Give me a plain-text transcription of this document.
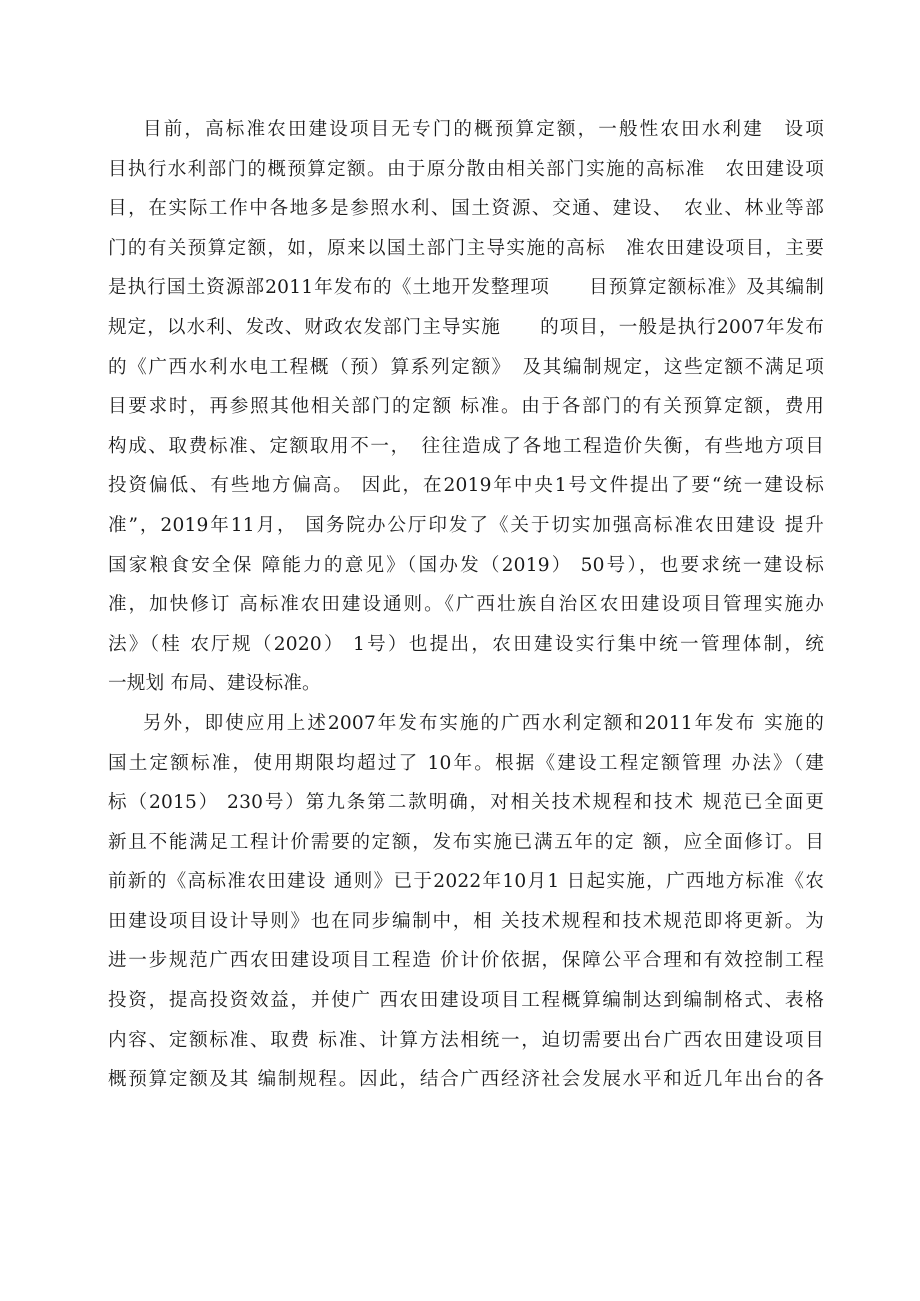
目前，高标准农田建设项目无专门的概预算定额，一般性农田水利建　设项
目执行水利部门的概预算定额。由于原分散由相关部门实施的高标准　农田建设项
目，在实际工作中各地多是参照水利、国土资源、交通、建设、　农业、林业等部
门的有关预算定额，如，原来以国土部门主导实施的高标　准农田建设项目，主要
是执行国土资源部2011年发布的《土地开发整理项　　目预算定额标准》及其编制
规定，以水利、发改、财政农发部门主导实施　　的项目，一般是执行2007年发布
的《广西水利水电工程概（预）算系列定额》　及其编制规定，这些定额不满足项
目要求时，再参照其他相关部门的定额 标准。由于各部门的有关预算定额，费用
构成、取费标准、定额取用不一，　往往造成了各地工程造价失衡，有些地方项目
投资偏低、有些地方偏高。 因此，在2019年中央1号文件提出了要“统一建设标
准”，2019年11月， 国务院办公厅印发了《关于切实加强高标准农田建设 提升
国家粮食安全保 障能力的意见》（国办发（2019） 50号），也要求统一建设标
准，加快修订 高标准农田建设通则。《广西壮族自治区农田建设项目管理实施办
法》（桂 农厅规（2020） 1号）也提出，农田建设实行集中统一管理体制，统
一规划 布局、建设标准。
另外，即使应用上述2007年发布实施的广西水利定额和2011年发布 实施的
国土定额标准，使用期限均超过了 10年。根据《建设工程定额管理 办法》（建
标（2015） 230号）第九条第二款明确，对相关技术规程和技术 规范已全面更
新且不能满足工程计价需要的定额，发布实施已满五年的定 额，应全面修订。目
前新的《高标准农田建设 通则》已于2022年10月1 日起实施，广西地方标准《农
田建设项目设计导则》也在同步编制中，相 关技术规程和技术规范即将更新。为
进一步规范广西农田建设项目工程造 价计价依据，保障公平合理和有效控制工程
投资，提高投资效益，并使广 西农田建设项目工程概算编制达到编制格式、表格
内容、定额标准、取费 标准、计算方法相统一，迫切需要出台广西农田建设项目
概预算定额及其 编制规程。因此，结合广西经济社会发展水平和近几年出台的各
